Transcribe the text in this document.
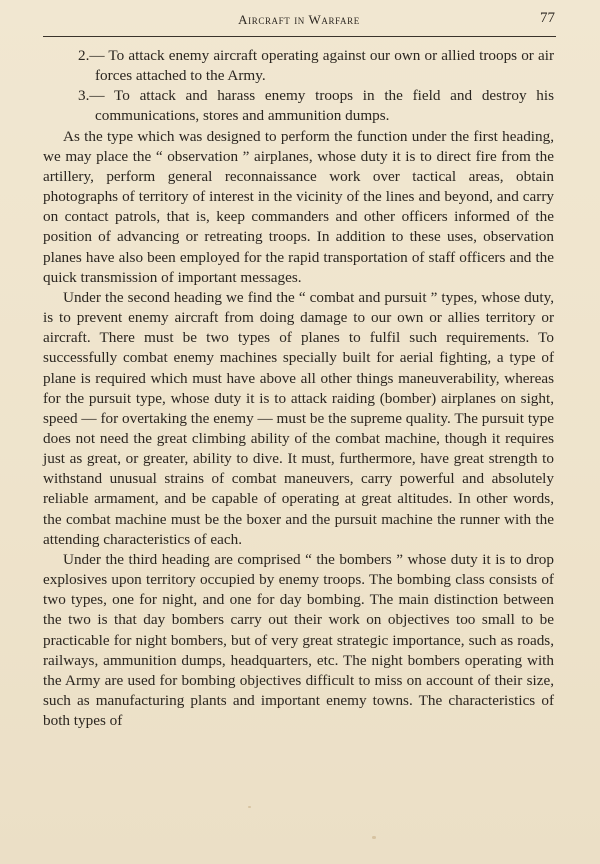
Aircraft in Warfare	77

2.— To attack enemy aircraft operating against our own or allied troops or air forces attached to the Army.

3.— To attack and harass enemy troops in the field and destroy his communications, stores and ammunition dumps.

As the type which was designed to perform the function under the first heading, we may place the “ observation ” airplanes, whose duty it is to direct fire from the artillery, perform general reconnaissance work over tactical areas, obtain photographs of territory of interest in the vicinity of the lines and beyond, and carry on contact patrols, that is, keep commanders and other officers informed of the position of advancing or retreating troops. In addition to these uses, observation planes have also been employed for the rapid transportation of staff officers and the quick transmission of important messages.

Under the second heading we find the “ combat and pursuit ” types, whose duty, is to prevent enemy aircraft from doing damage to our own or allies territory or aircraft. There must be two types of planes to fulfil such requirements. To successfully combat enemy machines specially built for aerial fighting, a type of plane is required which must have above all other things maneuverability, whereas for the pursuit type, whose duty it is to attack raiding (bomber) airplanes on sight, speed — for overtaking the enemy — must be the supreme quality. The pursuit type does not need the great climbing ability of the combat machine, though it requires just as great, or greater, ability to dive. It must, furthermore, have great strength to withstand unusual strains of combat maneuvers, carry powerful and absolutely reliable armament, and be capable of operating at great altitudes. In other words, the combat machine must be the boxer and the pursuit machine the runner with the attending characteristics of each.

Under the third heading are comprised “ the bombers ” whose duty it is to drop explosives upon territory occupied by enemy troops. The bombing class consists of two types, one for night, and one for day bombing. The main distinction between the two is that day bombers carry out their work on objectives too small to be practicable for night bombers, but of very great strategic importance, such as roads, railways, ammunition dumps, headquarters, etc. The night bombers operating with the Army are used for bombing objectives difficult to miss on account of their size, such as manufacturing plants and important enemy towns. The characteristics of both types of
